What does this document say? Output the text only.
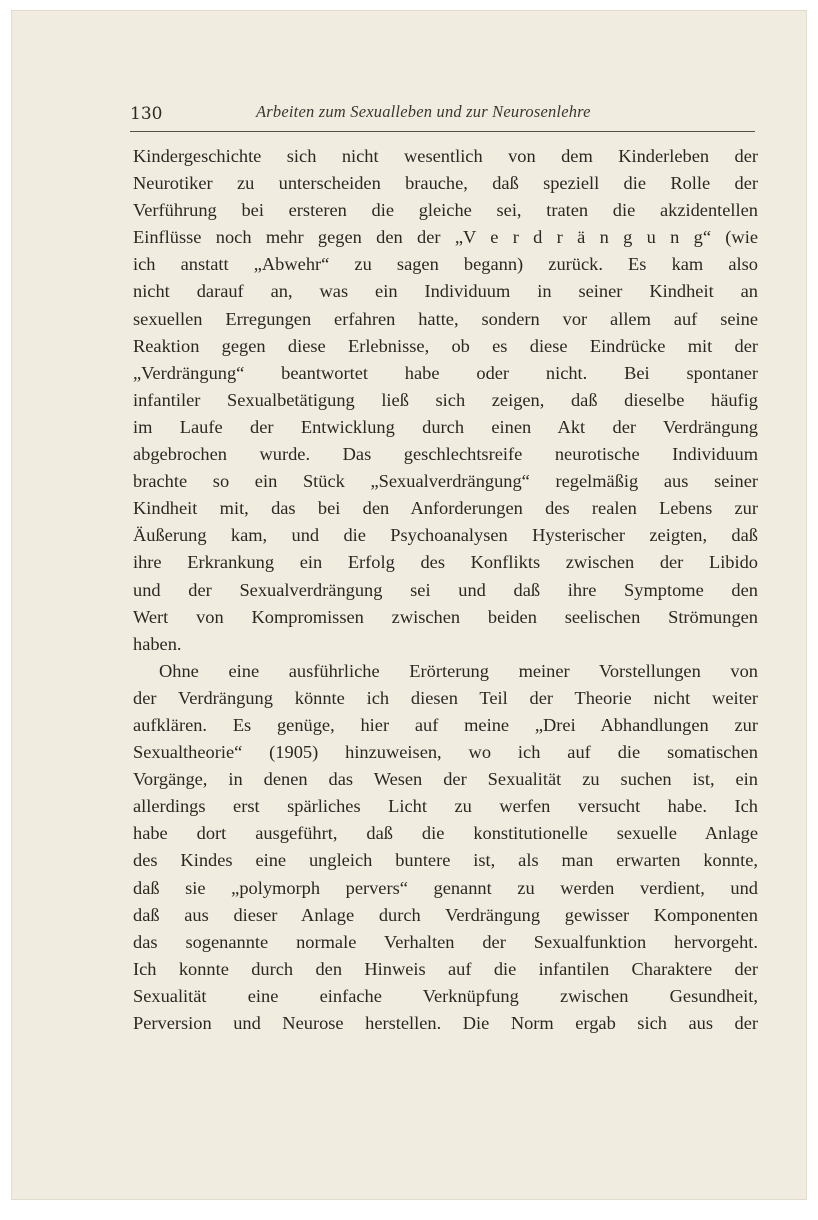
130	Arbeiten zum Sexualleben und zur Neurosenlehre
Kindergeschichte sich nicht wesentlich von dem Kinderleben der
Neurotiker zu unterscheiden brauche, daß speziell die Rolle der
Verführung bei ersteren die gleiche sei, traten die akzidentellen
Einflüsse noch mehr gegen den der „V e r d r ä n g u n g“ (wie
ich anstatt „Abwehr“ zu sagen begann) zurück. Es kam also
nicht darauf an, was ein Individuum in seiner Kindheit an
sexuellen Erregungen erfahren hatte, sondern vor allem auf seine
Reaktion gegen diese Erlebnisse, ob es diese Eindrücke mit der
„Verdrängung“ beantwortet habe oder nicht. Bei spontaner
infantiler Sexualbetätigung ließ sich zeigen, daß dieselbe häufig
im Laufe der Entwicklung durch einen Akt der Verdrängung
abgebrochen wurde. Das geschlechtsreife neurotische Individuum
brachte so ein Stück „Sexualverdrängung“ regelmäßig aus seiner
Kindheit mit, das bei den Anforderungen des realen Lebens zur
Äußerung kam, und die Psychoanalysen Hysterischer zeigten, daß
ihre Erkrankung ein Erfolg des Konflikts zwischen der Libido
und der Sexualverdrängung sei und daß ihre Symptome den
Wert von Kompromissen zwischen beiden seelischen Strömungen
haben.
Ohne eine ausführliche Erörterung meiner Vorstellungen von
der Verdrängung könnte ich diesen Teil der Theorie nicht weiter
aufklären. Es genüge, hier auf meine „Drei Abhandlungen zur
Sexualtheorie“ (1905) hinzuweisen, wo ich auf die somatischen
Vorgänge, in denen das Wesen der Sexualität zu suchen ist, ein
allerdings erst spärliches Licht zu werfen versucht habe. Ich
habe dort ausgeführt, daß die konstitutionelle sexuelle Anlage
des Kindes eine ungleich buntere ist, als man erwarten konnte,
daß sie „polymorph pervers“ genannt zu werden verdient, und
daß aus dieser Anlage durch Verdrängung gewisser Komponenten
das sogenannte normale Verhalten der Sexualfunktion hervorgeht.
Ich konnte durch den Hinweis auf die infantilen Charaktere der
Sexualität eine einfache Verknüpfung zwischen Gesundheit,
Perversion und Neurose herstellen. Die Norm ergab sich aus der
